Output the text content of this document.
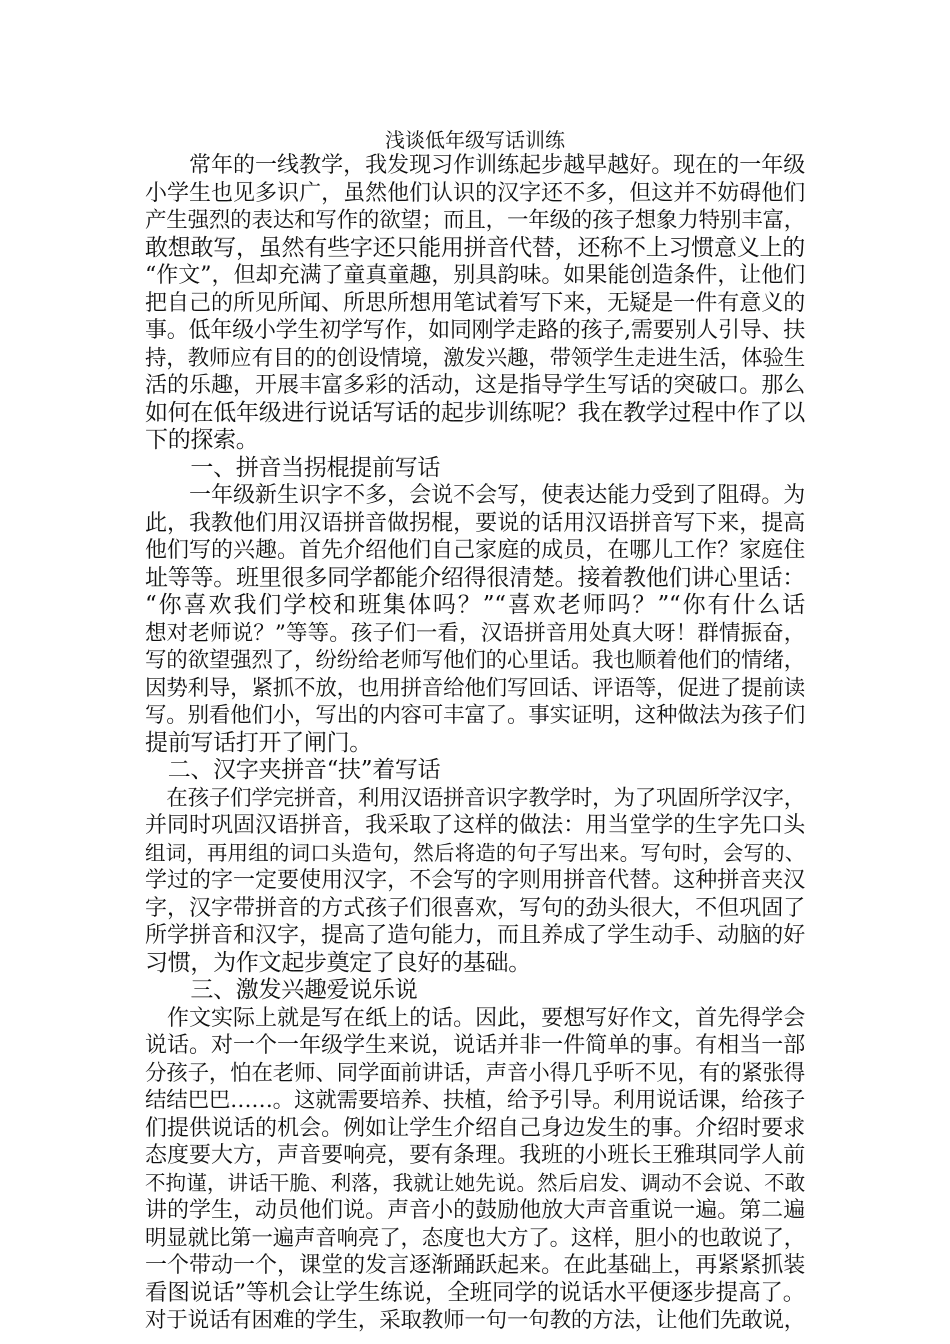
浅谈低年级写话训练
　　常年的一线教学，我发现习作训练起步越早越好。现在的一年级
小学生也见多识广，虽然他们认识的汉字还不多，但这并不妨碍他们
产生强烈的表达和写作的欲望；而且，一年级的孩子想象力特别丰富，
敢想敢写，虽然有些字还只能用拼音代替，还称不上习惯意义上的
“作文”，但却充满了童真童趣，别具韵味。如果能创造条件，让他们
把自己的所见所闻、所思所想用笔试着写下来，无疑是一件有意义的
事。低年级小学生初学写作，如同刚学走路的孩子,需要别人引导、扶
持，教师应有目的的创设情境，激发兴趣，带领学生走进生活，体验生
活的乐趣，开展丰富多彩的活动，这是指导学生写话的突破口。那么
如何在低年级进行说话写话的起步训练呢？我在教学过程中作了以
下的探索。
　　一、拼音当拐棍提前写话
　　一年级新生识字不多，会说不会写，使表达能力受到了阻碍。为
此，我教他们用汉语拼音做拐棍，要说的话用汉语拼音写下来，提高
他们写的兴趣。首先介绍他们自己家庭的成员，在哪儿工作？家庭住
址等等。班里很多同学都能介绍得很清楚。接着教他们讲心里话：
“你喜欢我们学校和班集体吗？”“喜欢老师吗？”“你有什么话
想对老师说？”等等。孩子们一看，汉语拼音用处真大呀！群情振奋，
写的欲望强烈了，纷纷给老师写他们的心里话。我也顺着他们的情绪，
因势利导，紧抓不放，也用拼音给他们写回话、评语等，促进了提前读
写。别看他们小，写出的内容可丰富了。事实证明，这种做法为孩子们
提前写话打开了闸门。
　二、汉字夹拼音“扶”着写话
　在孩子们学完拼音，利用汉语拼音识字教学时，为了巩固所学汉字，
并同时巩固汉语拼音，我采取了这样的做法：用当堂学的生字先口头
组词，再用组的词口头造句，然后将造的句子写出来。写句时，会写的、
学过的字一定要使用汉字，不会写的字则用拼音代替。这种拼音夹汉
字，汉字带拼音的方式孩子们很喜欢，写句的劲头很大，不但巩固了
所学拼音和汉字，提高了造句能力，而且养成了学生动手、动脑的好
习惯，为作文起步奠定了良好的基础。
　　三、激发兴趣爱说乐说
　作文实际上就是写在纸上的话。因此，要想写好作文，首先得学会
说话。对一个一年级学生来说，说话并非一件简单的事。有相当一部
分孩子，怕在老师、同学面前讲话，声音小得几乎听不见，有的紧张得
结结巴巴……。这就需要培养、扶植，给予引导。利用说话课，给孩子
们提供说话的机会。例如让学生介绍自己身边发生的事。介绍时要求
态度要大方，声音要响亮，要有条理。我班的小班长王雅琪同学人前
不拘谨，讲话干脆、利落，我就让她先说。然后启发、调动不会说、不敢
讲的学生，动员他们说。声音小的鼓励他放大声音重说一遍。第二遍
明显就比第一遍声音响亮了，态度也大方了。这样，胆小的也敢说了，
一个带动一个，课堂的发言逐渐踊跃起来。在此基础上，再紧紧抓装
看图说话”等机会让学生练说，全班同学的说话水平便逐步提高了。
对于说话有困难的学生，采取教师一句一句教的方法，让他们先敢说，
